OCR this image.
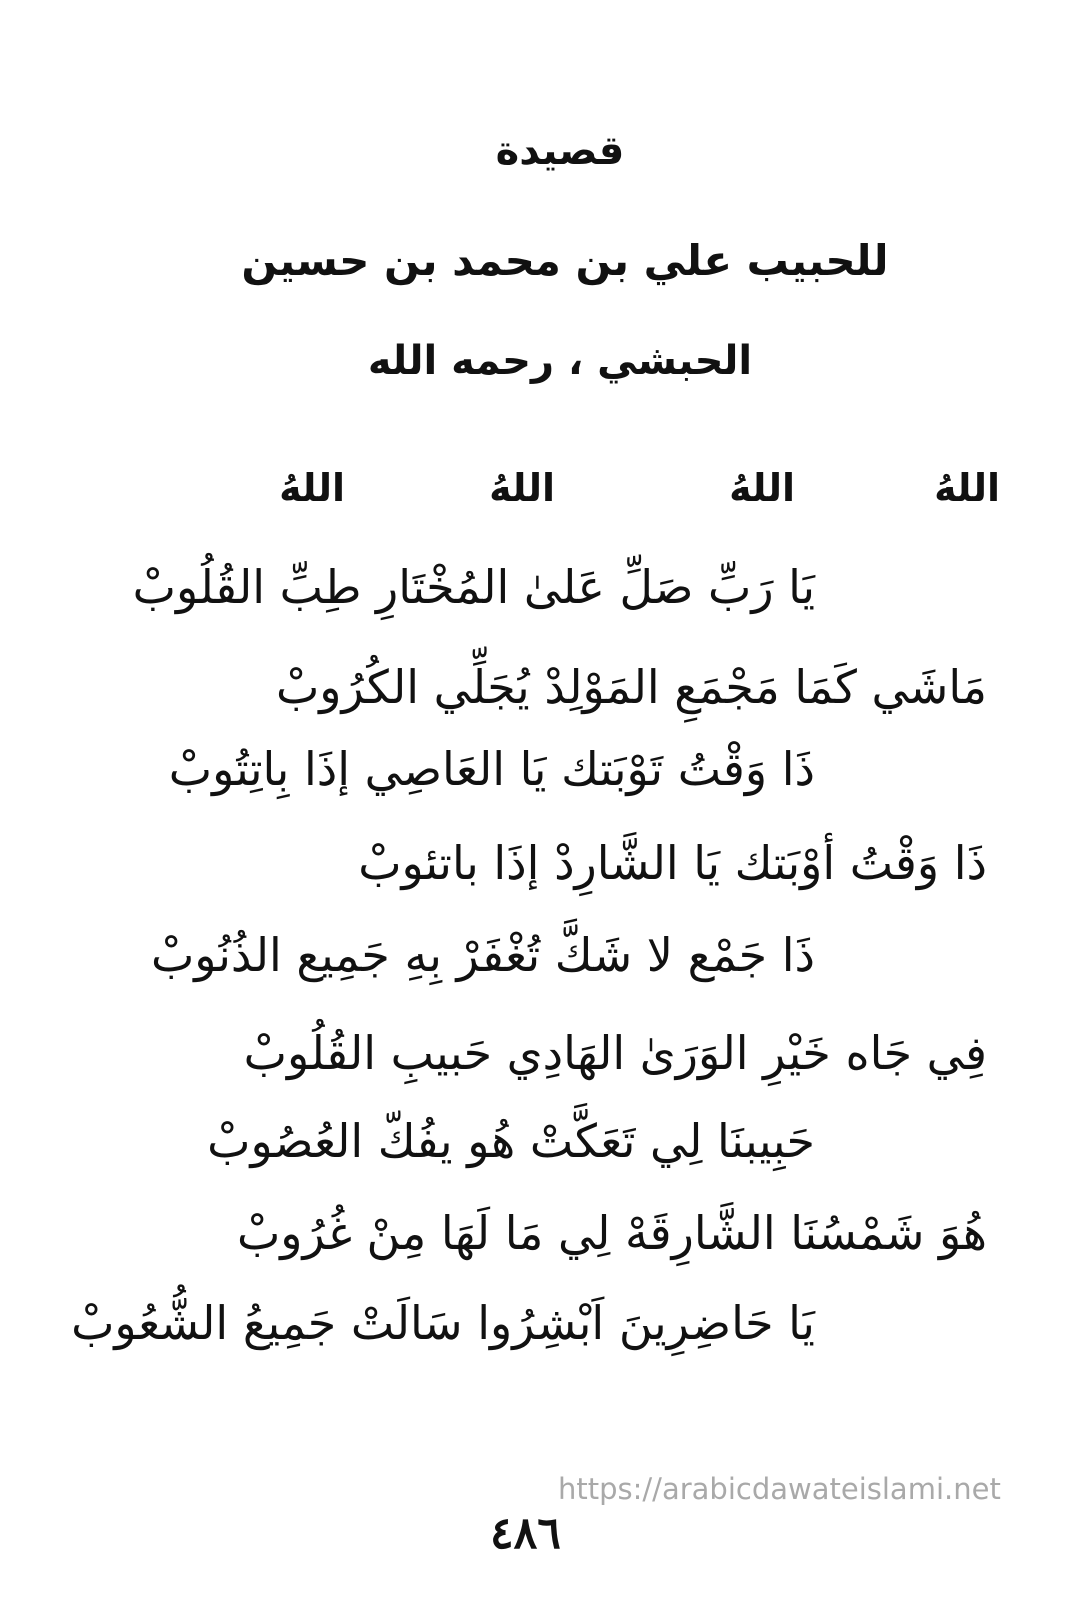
قصيدة
للحبيب علي بن محمد بن حسين
الحبشي ، رحمه الله
اللهُ
اللهُ
اللهُ
اللهُ
يَا رَبِّ صَلِّ عَلىٰ المُخْتَارِ طِبِّ القُلُوبْ
مَاشَي كَمَا مَجْمَعِ المَوْلِدْ يُجَلِّي الكُرُوبْ
ذَا وَقْتُ تَوْبَتك يَا العَاصِي إذَا بِاتِتُوبْ
ذَا وَقْتُ أوْبَتك يَا الشَّارِدْ إذَا باتئوبْ
ذَا جَمْع لا شَكَّ تُغْفَرْ بِهِ جَمِيع الذُنُوبْ
فِي جَاه خَيْرِ الوَرَىٰ الهَادِي حَبيبِ القُلُوبْ
حَبِيبنَا لِي تَعَكَّتْ هُو يفُكّ العُصُوبْ
هُوَ شَمْسُنَا الشَّارِقَهْ لِي مَا لَهَا مِنْ غُرُوبْ
يَا حَاضِرِينَ اَبْشِرُوا سَالَتْ جَمِيعُ الشُّعُوبْ
https://arabicdawateislami.net
٤٨٦
